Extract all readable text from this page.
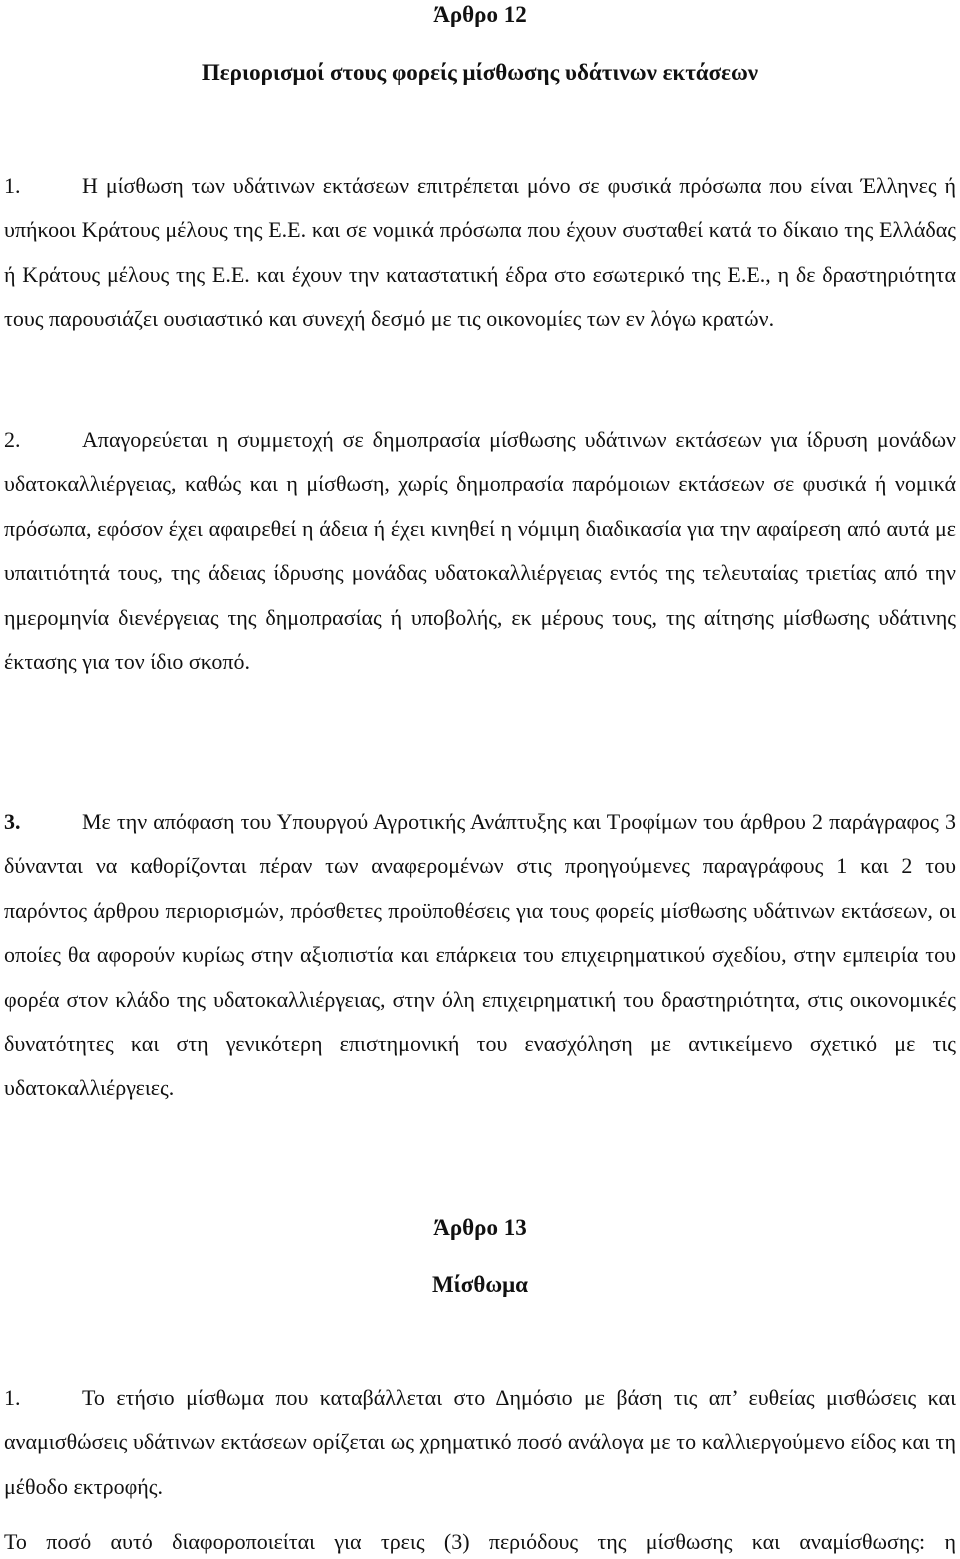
Άρθρο 12
Περιορισμοί στους φορείς μίσθωσης υδάτινων εκτάσεων

1.	Η μίσθωση των υδάτινων εκτάσεων επιτρέπεται μόνο σε φυσικά πρόσωπα που είναι Έλληνες ή υπήκοοι Κράτους μέλους της Ε.Ε. και σε νομικά πρόσωπα που έχουν συσταθεί κατά το δίκαιο της Ελλάδας ή Κράτους μέλους της Ε.Ε. και έχουν την καταστατική έδρα στο εσωτερικό της Ε.Ε., η δε δραστηριότητα τους παρουσιάζει ουσιαστικό και συνεχή δεσμό με τις οικονομίες των εν λόγω κρατών.

2.	Απαγορεύεται η συμμετοχή σε δημοπρασία μίσθωσης υδάτινων εκτάσεων για ίδρυση μονάδων υδατοκαλλιέργειας, καθώς και η μίσθωση, χωρίς δημοπρασία παρόμοιων εκτάσεων σε φυσικά ή νομικά πρόσωπα, εφόσον έχει αφαιρεθεί η άδεια ή έχει κινηθεί η νόμιμη διαδικασία για την αφαίρεση από αυτά με υπαιτιότητά τους, της άδειας ίδρυσης μονάδας υδατοκαλλιέργειας εντός της τελευταίας τριετίας από την ημερομηνία διενέργειας της δημοπρασίας ή υποβολής, εκ μέρους τους, της αίτησης μίσθωσης υδάτινης έκτασης για τον ίδιο σκοπό.

3.	Με την απόφαση του Υπουργού Αγροτικής Ανάπτυξης και Τροφίμων του άρθρου 2 παράγραφος 3 δύνανται να καθορίζονται πέραν των αναφερομένων στις προηγούμενες παραγράφους 1 και 2 του παρόντος άρθρου περιορισμών, πρόσθετες προϋποθέσεις για τους φορείς μίσθωσης υδάτινων εκτάσεων, οι οποίες θα αφορούν κυρίως στην αξιοπιστία και επάρκεια του επιχειρηματικού σχεδίου, στην εμπειρία του φορέα στον κλάδο της υδατοκαλλιέργειας, στην όλη επιχειρηματική του δραστηριότητα, στις οικονομικές δυνατότητες και στη γενικότερη επιστημονική του ενασχόληση με αντικείμενο σχετικό με τις υδατοκαλλιέργειες.

Άρθρο 13
Μίσθωμα

1.	Το ετήσιο μίσθωμα που καταβάλλεται στο Δημόσιο με βάση τις απ’ ευθείας μισθώσεις και αναμισθώσεις υδάτινων εκτάσεων ορίζεται ως χρηματικό ποσό ανάλογα με το καλλιεργούμενο είδος και τη μέθοδο εκτροφής.

Το ποσό αυτό διαφοροποιείται για τρεις (3) περιόδους της μίσθωσης και αναμίσθωσης: η
